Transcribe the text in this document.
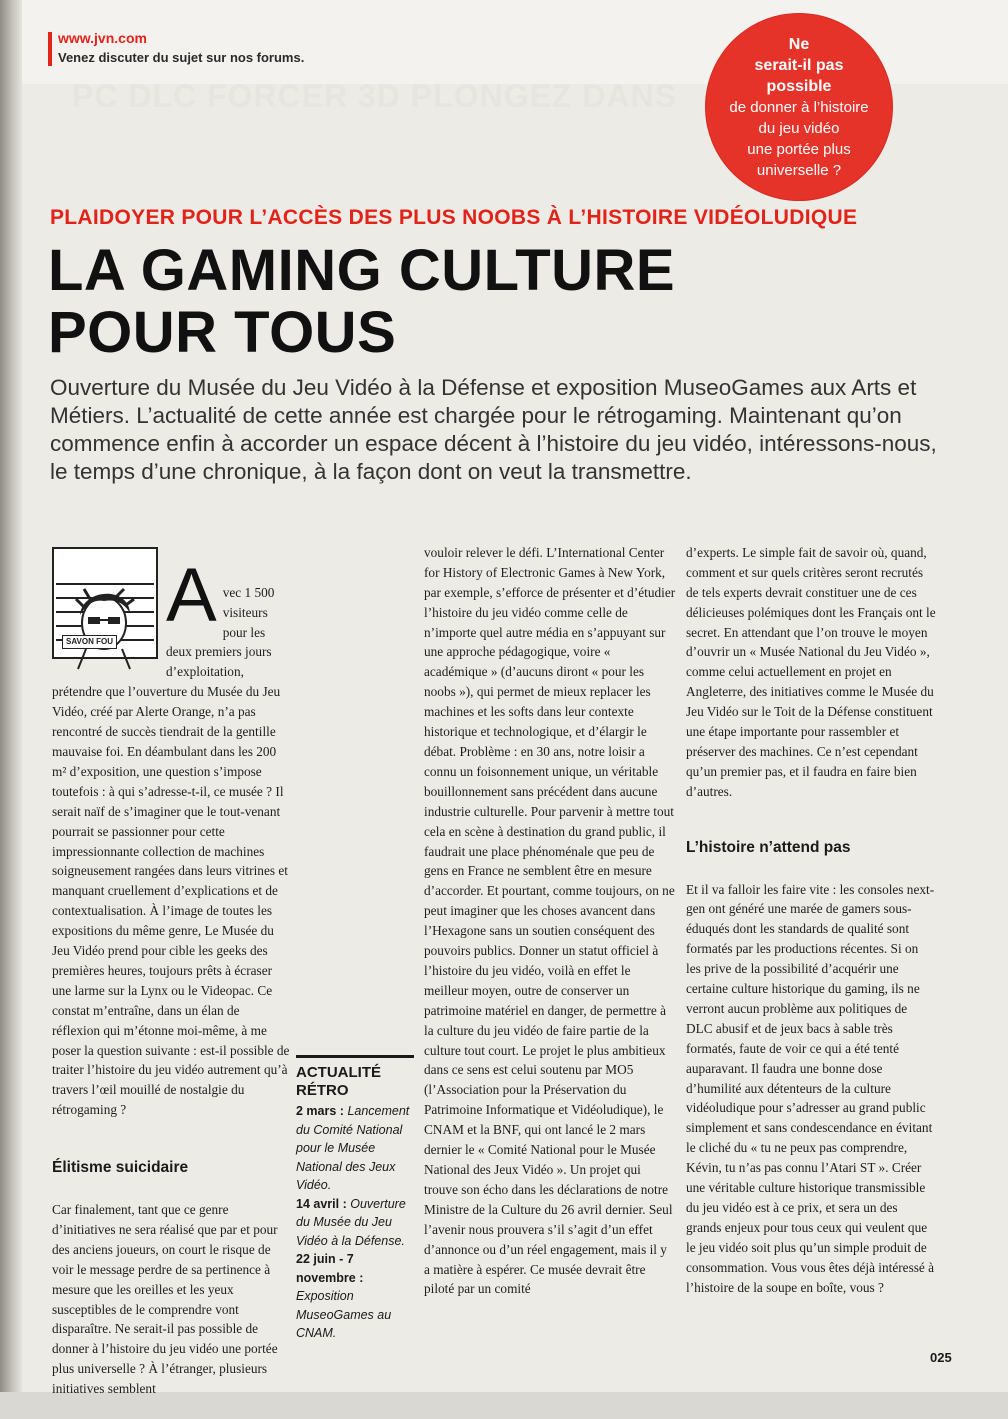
PC DLC FORCER 3D PLONGEZ DANS
www.jvn.com
Venez discuter du sujet sur nos forums.
Ne
serait-il pas
possible
de donner à l’histoire
du jeu vidéo
une portée plus
universelle ?
PLAIDOYER POUR L’ACCÈS DES PLUS NOOBS À L’HISTOIRE VIDÉOLUDIQUE
LA GAMING CULTURE
POUR TOUS
Ouverture du Musée du Jeu Vidéo à la Défense et exposition MuseoGames aux Arts et Métiers. L’actualité de cette année est chargée pour le rétrogaming. Maintenant qu’on commence enfin à accorder un espace décent à l’histoire du jeu vidéo, intéressons-nous, le temps d’une chronique, à la façon dont on veut la transmettre.

SAVON FOU

A vec 1 500 visiteurs pour les deux premiers jours d’exploitation, prétendre que l’ouverture du Musée du Jeu Vidéo, créé par Alerte Orange, n’a pas rencontré de succès tiendrait de la gentille mauvaise foi. En déambulant dans les 200 m² d’exposition, une question s’impose toutefois : à qui s’adresse-t-il, ce musée ? Il serait naïf de s’imaginer que le tout-venant pourrait se passionner pour cette impressionnante collection de machines soigneusement rangées dans leurs vitrines et manquant cruellement d’explications et de contextualisation. À l’image de toutes les expositions du même genre, Le Musée du Jeu Vidéo prend pour cible les geeks des premières heures, toujours prêts à écraser une larme sur la Lynx ou le Videopac. Ce constat m’entraîne, dans un élan de réflexion qui m’étonne moi-même, à me poser la question suivante : est-il possible de traiter l’histoire du jeu vidéo autrement qu’à travers l’œil mouillé de nostalgie du rétrogaming ?

Élitisme suicidaire

Car finalement, tant que ce genre d’initiatives ne sera réalisé que par et pour des anciens joueurs, on court le risque de voir le message perdre de sa pertinence à mesure que les oreilles et les yeux susceptibles de le comprendre vont disparaître. Ne serait-il pas possible de donner à l’histoire du jeu vidéo une portée plus universelle ? À l’étranger, plusieurs initiatives semblent

ACTUALITÉ
RÉTRO

2 mars : Lancement du Comité National pour le Musée National des Jeux Vidéo.

14 avril : Ouverture du Musée du Jeu Vidéo à la Défense.

22 juin - 7 novembre : Exposition MuseoGames au CNAM.

vouloir relever le défi. L’International Center for History of Electronic Games à New York, par exemple, s’efforce de présenter et d’étudier l’histoire du jeu vidéo comme celle de n’importe quel autre média en s’appuyant sur une approche pédagogique, voire « académique » (d’aucuns diront « pour les noobs »), qui permet de mieux replacer les machines et les softs dans leur contexte historique et technologique, et d’élargir le débat. Problème : en 30 ans, notre loisir a connu un foisonnement unique, un véritable bouillonnement sans précédent dans aucune industrie culturelle. Pour parvenir à mettre tout cela en scène à destination du grand public, il faudrait une place phénoménale que peu de gens en France ne semblent être en mesure d’accorder. Et pourtant, comme toujours, on ne peut imaginer que les choses avancent dans l’Hexagone sans un soutien conséquent des pouvoirs publics. Donner un statut officiel à l’histoire du jeu vidéo, voilà en effet le meilleur moyen, outre de conserver un patrimoine matériel en danger, de permettre à la culture du jeu vidéo de faire partie de la culture tout court. Le projet le plus ambitieux dans ce sens est celui soutenu par MO5 (l’Association pour la Préservation du Patrimoine Informatique et Vidéoludique), le CNAM et la BNF, qui ont lancé le 2 mars dernier le « Comité National pour le Musée National des Jeux Vidéo ». Un projet qui trouve son écho dans les déclarations de notre Ministre de la Culture du 26 avril dernier. Seul l’avenir nous prouvera s’il s’agit d’un effet d’annonce ou d’un réel engagement, mais il y a matière à espérer. Ce musée devrait être piloté par un comité

d’experts. Le simple fait de savoir où, quand, comment et sur quels critères seront recrutés de tels experts devrait constituer une de ces délicieuses polémiques dont les Français ont le secret. En attendant que l’on trouve le moyen d’ouvrir un « Musée National du Jeu Vidéo », comme celui actuellement en projet en Angleterre, des initiatives comme le Musée du Jeu Vidéo sur le Toit de la Défense constituent une étape importante pour rassembler et préserver des machines. Ce n’est cependant qu’un premier pas, et il faudra en faire bien d’autres.

L’histoire n’attend pas

Et il va falloir les faire vite : les consoles next-gen ont généré une marée de gamers sous-éduqués dont les standards de qualité sont formatés par les productions récentes. Si on les prive de la possibilité d’acquérir une certaine culture historique du gaming, ils ne verront aucun problème aux politiques de DLC abusif et de jeux bacs à sable très formatés, faute de voir ce qui a été tenté auparavant. Il faudra une bonne dose d’humilité aux détenteurs de la culture vidéoludique pour s’adresser au grand public simplement et sans condescendance en évitant le cliché du « tu ne peux pas comprendre, Kévin, tu n’as pas connu l’Atari ST ». Créer une véritable culture historique transmissible du jeu vidéo est à ce prix, et sera un des grands enjeux pour tous ceux qui veulent que le jeu vidéo soit plus qu’un simple produit de consommation. Vous vous êtes déjà intéressé à l’histoire de la soupe en boîte, vous ?

025
